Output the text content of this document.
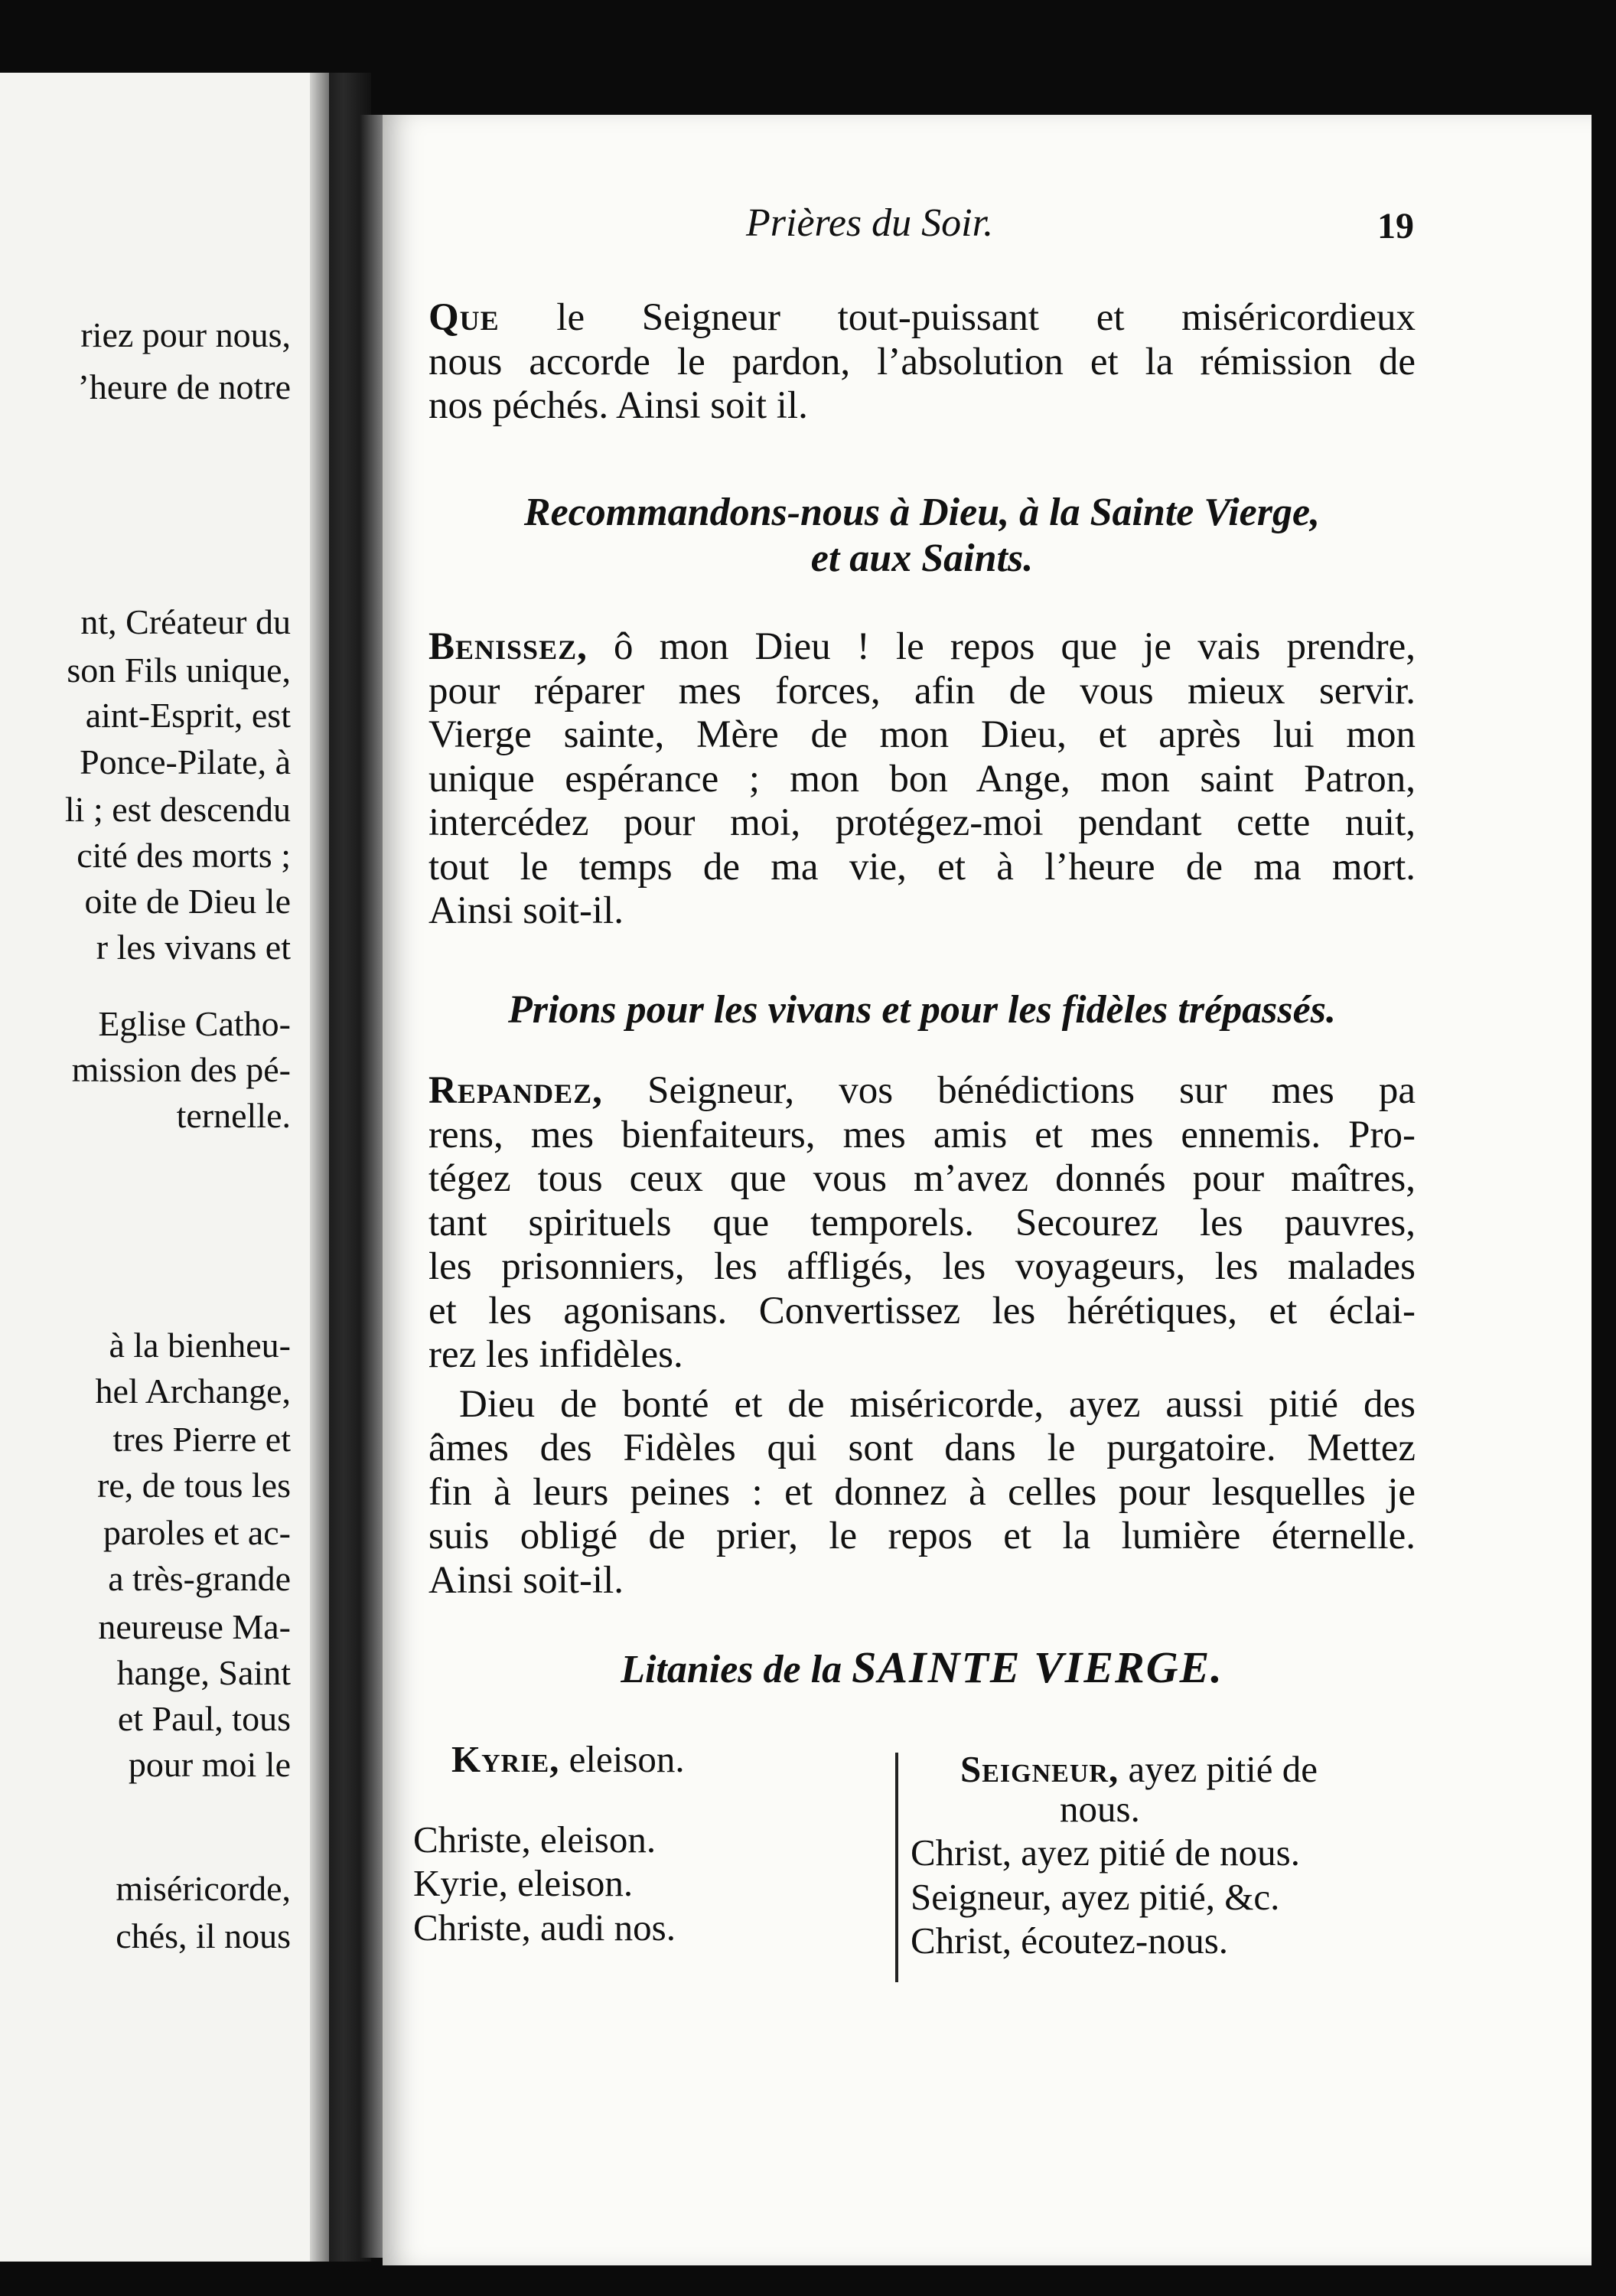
riez pour nous,
’heure de notre
nt, Créateur du
son Fils unique,
aint-Esprit, est
Ponce-Pilate, à
li ; est descendu
cité des morts ;
oite de Dieu le
r les vivans et
Eglise Catho-
mission des pé-
ternelle.
à la bienheu-
hel Archange,
tres Pierre et
re, de tous les
paroles et ac-
a très-grande
neureuse Ma-
hange, Saint
et Paul, tous
pour moi le
miséricorde,
chés, il nous
Prières du Soir.	19
Que le Seigneur tout-puissant et miséricordieux
nous accorde le pardon, l’absolution et la rémission de
nos péchés. Ainsi soit il.
Recommandons-nous à Dieu, à la Sainte Vierge,
et aux Saints.
Benissez, ô mon Dieu ! le repos que je vais prendre,
pour réparer mes forces, afin de vous mieux servir.
Vierge sainte, Mère de mon Dieu, et après lui mon
unique espérance ; mon bon Ange, mon saint Patron,
intercédez pour moi, protégez-moi pendant cette nuit,
tout le temps de ma vie, et à l’heure de ma mort.
Ainsi soit-il.
Prions pour les vivans et pour les fidèles trépassés.
Repandez, Seigneur, vos bénédictions sur mes pa
rens, mes bienfaiteurs, mes amis et mes ennemis. Pro-
tégez tous ceux que vous m’avez donnés pour maîtres,
tant spirituels que temporels. Secourez les pauvres,
les prisonniers, les affligés, les voyageurs, les malades
et les agonisans. Convertissez les hérétiques, et éclai-
rez les infidèles.
Dieu de bonté et de miséricorde, ayez aussi pitié des
âmes des Fidèles qui sont dans le purgatoire. Mettez
fin à leurs peines : et donnez à celles pour lesquelles je
suis obligé de prier, le repos et la lumière éternelle.
Ainsi soit-il.
Litanies de la SAINTE VIERGE.
Kyrie, eleison.
Christe, eleison.
Kyrie, eleison.
Christe, audi nos.
Seigneur, ayez pitié de
nous.
Christ, ayez pitié de nous.
Seigneur, ayez pitié, &c.
Christ, écoutez-nous.
